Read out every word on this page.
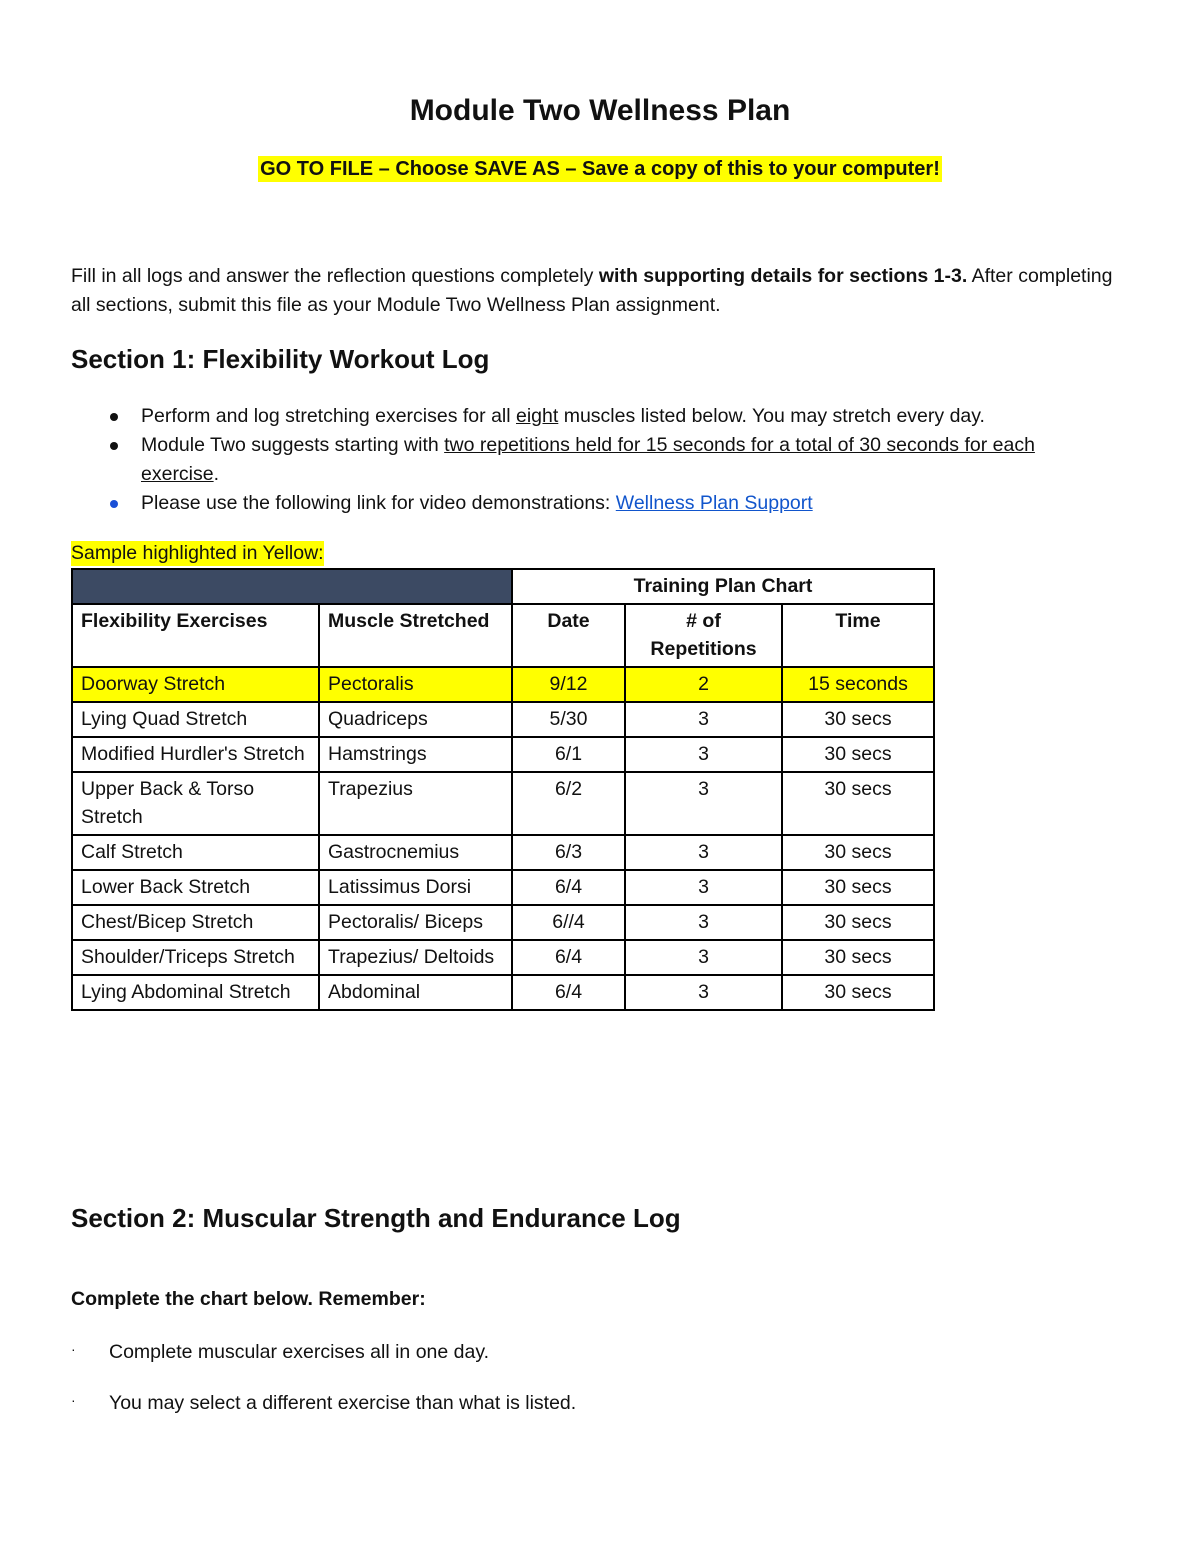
Module Two Wellness Plan
GO TO FILE – Choose SAVE AS – Save a copy of this to your computer!

Fill in all logs and answer the reflection questions completely with supporting details for sections 1-3. After completing all sections, submit this file as your Module Two Wellness Plan assignment.

Section 1: Flexibility Workout Log
Perform and log stretching exercises for all eight muscles listed below. You may stretch every day.
Module Two suggests starting with two repetitions held for 15 seconds for a total of 30 seconds for each exercise.
Please use the following link for video demonstrations: Wellness Plan Support
Sample highlighted in Yellow:
		Training Plan Chart		
Flexibility Exercises	Muscle Stretched	Date	# of Repetitions	Time
Doorway Stretch	Pectoralis	9/12	2	15 seconds
Lying Quad Stretch	Quadriceps	5/30	3	30 secs
Modified Hurdler's Stretch	Hamstrings	6/1	3	30 secs
Upper Back & Torso Stretch	Trapezius	6/2	3	30 secs
Calf Stretch	Gastrocnemius	6/3	3	30 secs
Lower Back Stretch	Latissimus Dorsi	6/4	3	30 secs
Chest/Bicep Stretch	Pectoralis/ Biceps	6//4	3	30 secs
Shoulder/Triceps Stretch	Trapezius/ Deltoids	6/4	3	30 secs
Lying Abdominal Stretch	Abdominal	6/4	3	30 secs
Section 2: Muscular Strength and Endurance Log

Complete the chart below. Remember:

· Complete muscular exercises all in one day.
· You may select a different exercise than what is listed.
